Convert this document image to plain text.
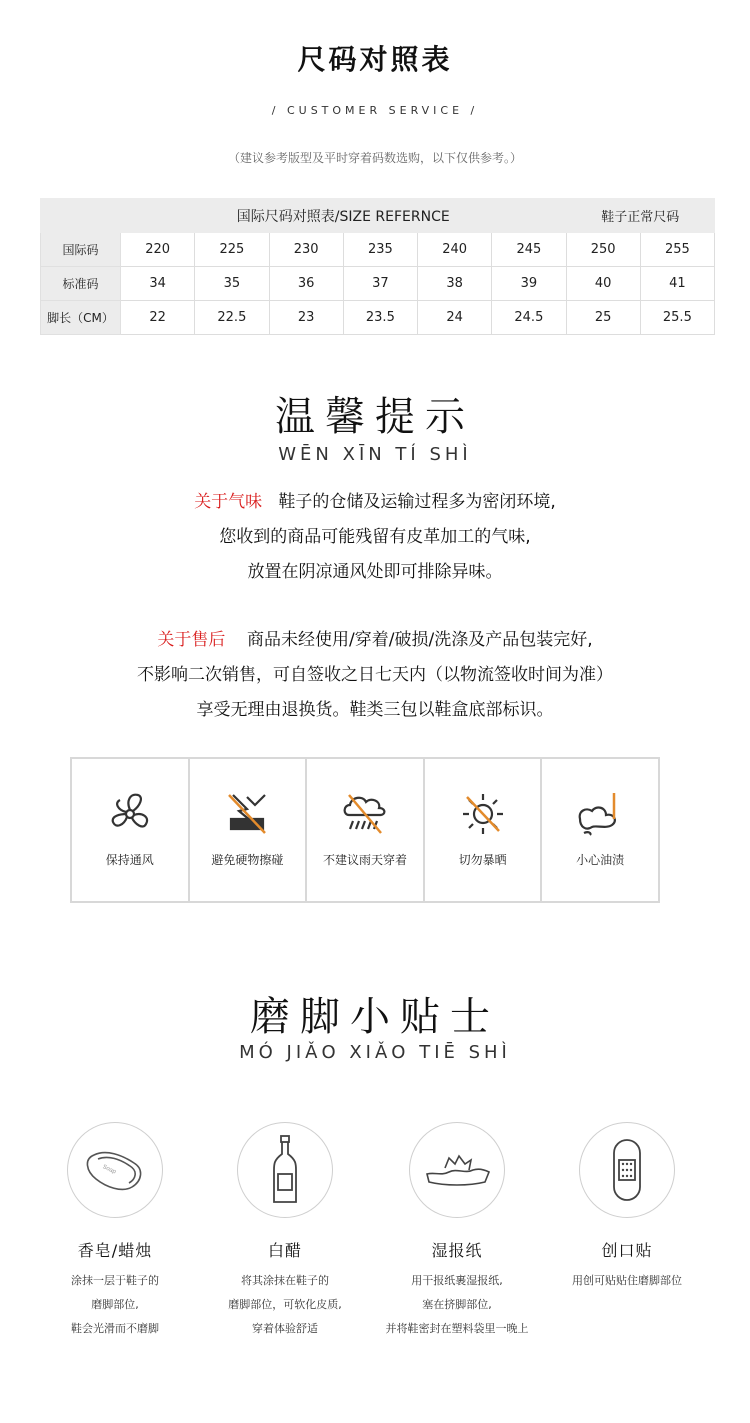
尺码对照表
/ CUSTOMER SERVICE /
（建议参考版型及平时穿着码数选购，以下仅供参考。）
	国际尺码对照表/SIZE REFERNCE						鞋子正常尺码	
国际码	220	225	230	235	240	245	250	255
标准码	34	35	36	37	38	39	40	41
脚长（CM）	22	22.5	23	23.5	24	24.5	25	25.5
温馨提示
WĒN XĪN TÍ SHÌ
关于气味 鞋子的仓储及运输过程多为密闭环境,
您收到的商品可能残留有皮革加工的气味,
放置在阴凉通风处即可排除异味。
关于售后 商品未经使用/穿着/破损/洗涤及产品包装完好,
不影响二次销售，可自签收之日七天内（以物流签收时间为准）
享受无理由退换货。鞋类三包以鞋盒底部标识。
保持通风	避免硬物擦碰	不建议雨天穿着	切勿暴晒	小心油渍
磨脚小贴士
MÓ JIǍO XIǍO TIĒ SHÌ
Soap
香皂/蜡烛
涂抹一层于鞋子的
磨脚部位,
鞋会光滑而不磨脚
白醋
将其涂抹在鞋子的
磨脚部位，可软化皮质,
穿着体验舒适
湿报纸
用干报纸裹湿报纸,
塞在挤脚部位,
并将鞋密封在塑料袋里一晚上
创口贴
用创可贴贴住磨脚部位
